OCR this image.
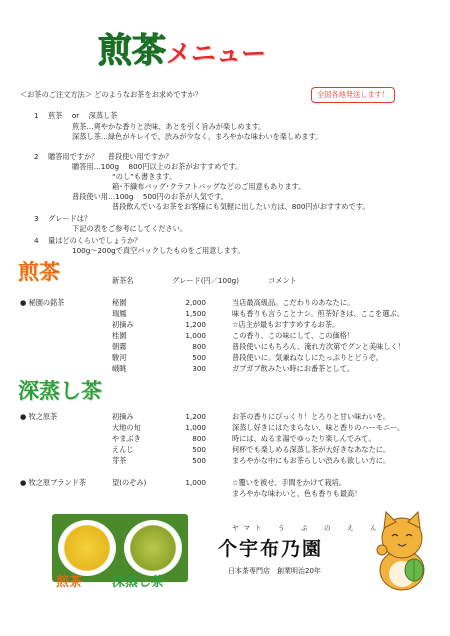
煎茶メニュー
全国各地発送します！
＜お茶のご注文方法＞ どのようなお茶をお求めですか？
1 煎茶 　or 　深蒸し茶
煎茶…爽やかな香りと渋味、あとを引く旨みが楽しめます。
深蒸し茶…緑色がキレイで、渋みが少なく、まろやかな味わいを楽しめます。
2 贈答用ですか？ 　普段使い用ですか？
贈答用…100g 　800円以上のお茶がおすすめです。
“のし”も書きます。
箱･不織布バッグ･クラフトバッグなどのご用意もあります。
普段使い用…100g 　500円のお茶が人気です。
普段飲んでいるお茶をお客様にも気軽に出したい方は、800円がおすすめです。
3 グレードは？
下記の表をご参考にしてください。
4 量はどのくらいでしょうか？
100g〜200gで真空パックしたものをご用意します。
煎茶	新茶名	グレード(円／100g)	コメント
● 秘園の銘茶	秘園	2,000	当店最高級品。こだわりのあなたに。
瑞鳳	1,500	味も香りも言うことナシ。煎茶好きは、ここを選ぶ。
初摘み	1,200	☆店主が最もおすすめするお茶。
桂園	1,000	この香り、この味にして、この価格！
朝霧	800	普段使いにもちろん、淹れ方次第でグンと美味しく！
駿河	500	普段使いに。気兼ねなしにたっぷりとどうぞ。
峨眺	300	ガブガブ飲みたい時にお番茶として。
深蒸し茶
● 牧之原茶	初摘み	1,200	お茶の香りにびっくり！とろりと甘い味わいを。
大地の旬	1,000	深蒸し好きにはたまらない、味と香りのハーモニー。
やまぶき	800	時には、ぬるま湯でゆったり楽しんでみて。
えんじ	500	何杯でも楽しめる深蒸し茶が大好きなあなたに。
芽茶	500	まろやかな中にもお茶らしい渋みも欲しい方に。
● 牧之原ブランド茶	望(のぞみ)	1,000	☆覆いを被せ、手間をかけて栽培。
まろやかな味わいと、色も香りも最高！
煎茶 深蒸し茶
ヤマト　う　ぶ　の　え　ん
个宇布乃園
日本茶専門店　創業明治20年
